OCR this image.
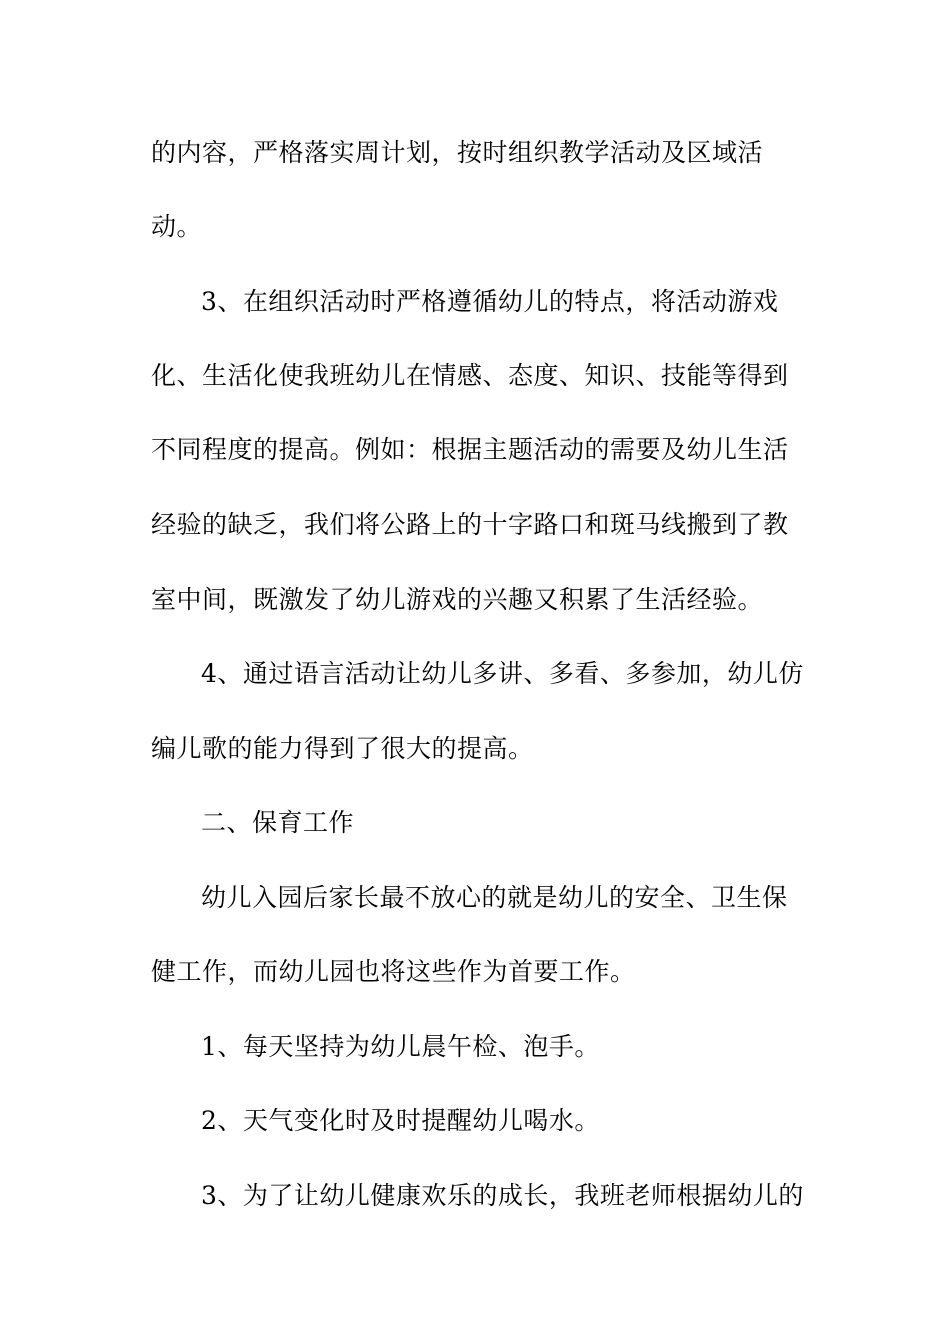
的内容，严格落实周计划，按时组织教学活动及区域活

动。

3、在组织活动时严格遵循幼儿的特点，将活动游戏

化、生活化使我班幼儿在情感、态度、知识、技能等得到

不同程度的提高。例如：根据主题活动的需要及幼儿生活

经验的缺乏，我们将公路上的十字路口和斑马线搬到了教

室中间，既激发了幼儿游戏的兴趣又积累了生活经验。

4、通过语言活动让幼儿多讲、多看、多参加，幼儿仿

编儿歌的能力得到了很大的提高。

二、保育工作

幼儿入园后家长最不放心的就是幼儿的安全、卫生保

健工作，而幼儿园也将这些作为首要工作。

1、每天坚持为幼儿晨午检、泡手。

2、天气变化时及时提醒幼儿喝水。

3、为了让幼儿健康欢乐的成长，我班老师根据幼儿的
